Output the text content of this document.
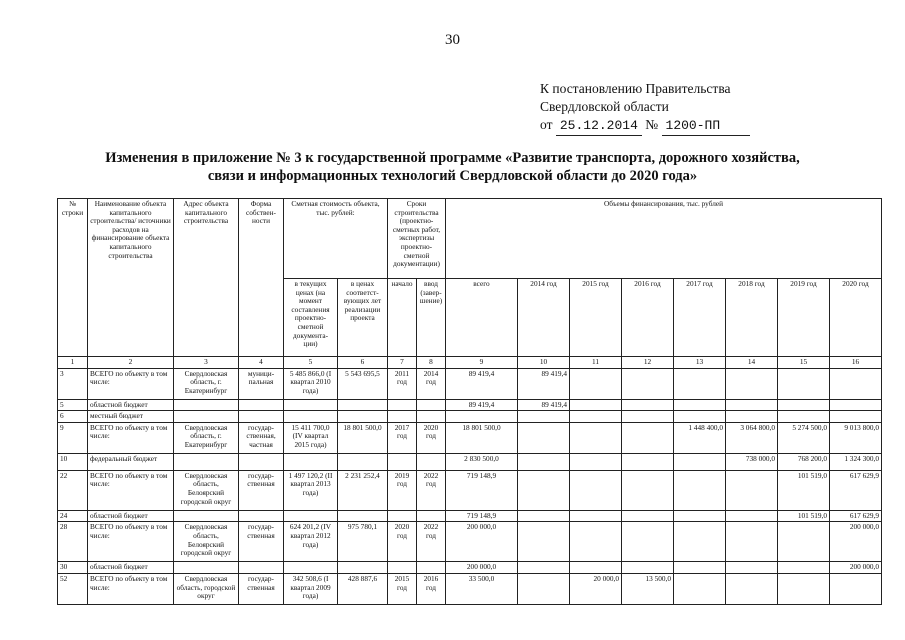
30
К постановлению Правительства
Свердловской области
от 25.12.2014 № 1200-ПП
Изменения в приложение № 3 к государственной программе «Развитие транспорта, дорожного хозяйства,
связи и информационных технологий Свердловской области до 2020 года»
№ строки	Наименование объекта капитального строительства/ источники расходов на финансирование объекта капитального строительства	Адрес объекта капитального строительства	Форма собствен-ности	Сметная стоимость объекта, тыс. рублей:		Сроки строительства (проектно-сметных работ, экспертизы проектно-сметной документации)		Объемы финансирования, тыс. рублей							
				в текущих ценах (на момент составления проектно-сметной документа-ции)	в ценах соответст-вующих лет реализации проекта	начало	ввод (завер-шение)	всего	2014 год	2015 год	2016 год	2017 год	2018 год	2019 год	2020 год
1	2	3	4	5	6	7	8	9	10	11	12	13	14	15	16
3	ВСЕГО по объекту в том числе:	Свердловская область, г. Екатеринбург	муници-пальная	5 485 866,0 (I квартал 2010 года)	5 543 695,5	2011 год	2014 год	89 419,4	89 419,4						
5	областной бюджет							89 419,4	89 419,4						
6	местный бюджет														
9	ВСЕГО по объекту в том числе:	Свердловская область, г. Екатеринбург	государ-ственная, частная	15 411 700,0 (IV квартал 2015 года)	18 801 500,0	2017 год	2020 год	18 801 500,0				1 448 400,0	3 064 800,0	5 274 500,0	9 013 800,0
10	федеральный бюджет							2 830 500,0					738 000,0	768 200,0	1 324 300,0
22	ВСЕГО по объекту в том числе:	Свердловская область, Белоярский городской округ	государ-ственная	1 497 120,2 (II квартал 2013 года)	2 231 252,4	2019 год	2022 год	719 148,9						101 519,0	617 629,9
24	областной бюджет							719 148,9						101 519,0	617 629,9
28	ВСЕГО по объекту в том числе:	Свердловская область, Белоярский городской округ	государ-ственная	624 201,2 (IV квартал 2012 года)	975 780,1	2020 год	2022 год	200 000,0							200 000,0
30	областной бюджет							200 000,0							200 000,0
52	ВСЕГО по объекту в том числе:	Свердловская область, городской округ	государ-ственная	342 508,6 (I квартал 2009 года)	428 887,6	2015 год	2016 год	33 500,0		20 000,0	13 500,0				
